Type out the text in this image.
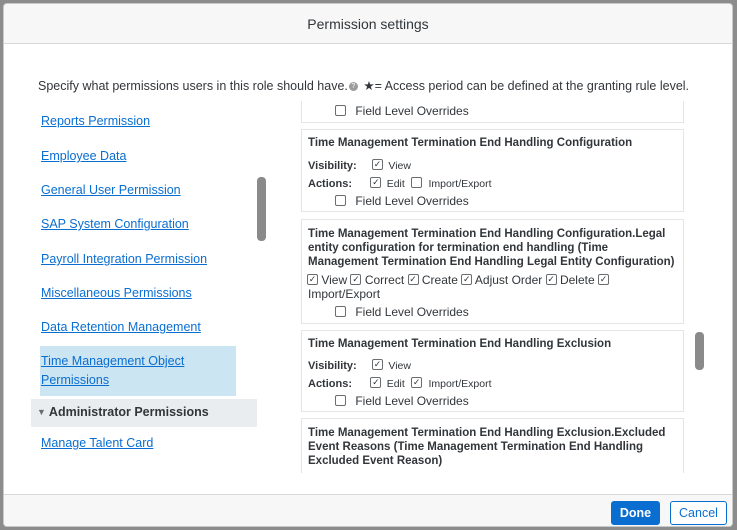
Permission settings
Specify what permissions users in this role should have. ? ★= Access period can be defined at the granting rule level.
Reports Permission
Employee Data
General User Permission
SAP System Configuration
Payroll Integration Permission
Miscellaneous Permissions
Data Retention Management
Time Management Object Permissions
▼ Administrator Permissions
Manage Talent Card
Field Level Overrides
Time Management Termination End Handling Configuration
Visibility: ✓	View
Actions: ✓	Edit Import/Export
Field Level Overrides
Time Management Termination End Handling Configuration.Legal entity configuration for termination end handling (Time Management Termination End Handling Legal Entity Configuration)
✓ View ✓ Correct ✓ Create ✓ Adjust Order ✓ Delete ✓
Import/Export
Field Level Overrides
Time Management Termination End Handling Exclusion
Visibility: ✓	View
Actions: ✓	Edit ✓ Import/Export
Field Level Overrides
Time Management Termination End Handling Exclusion.Excluded Event Reasons (Time Management Termination End Handling Excluded Event Reason)
Done	Cancel
